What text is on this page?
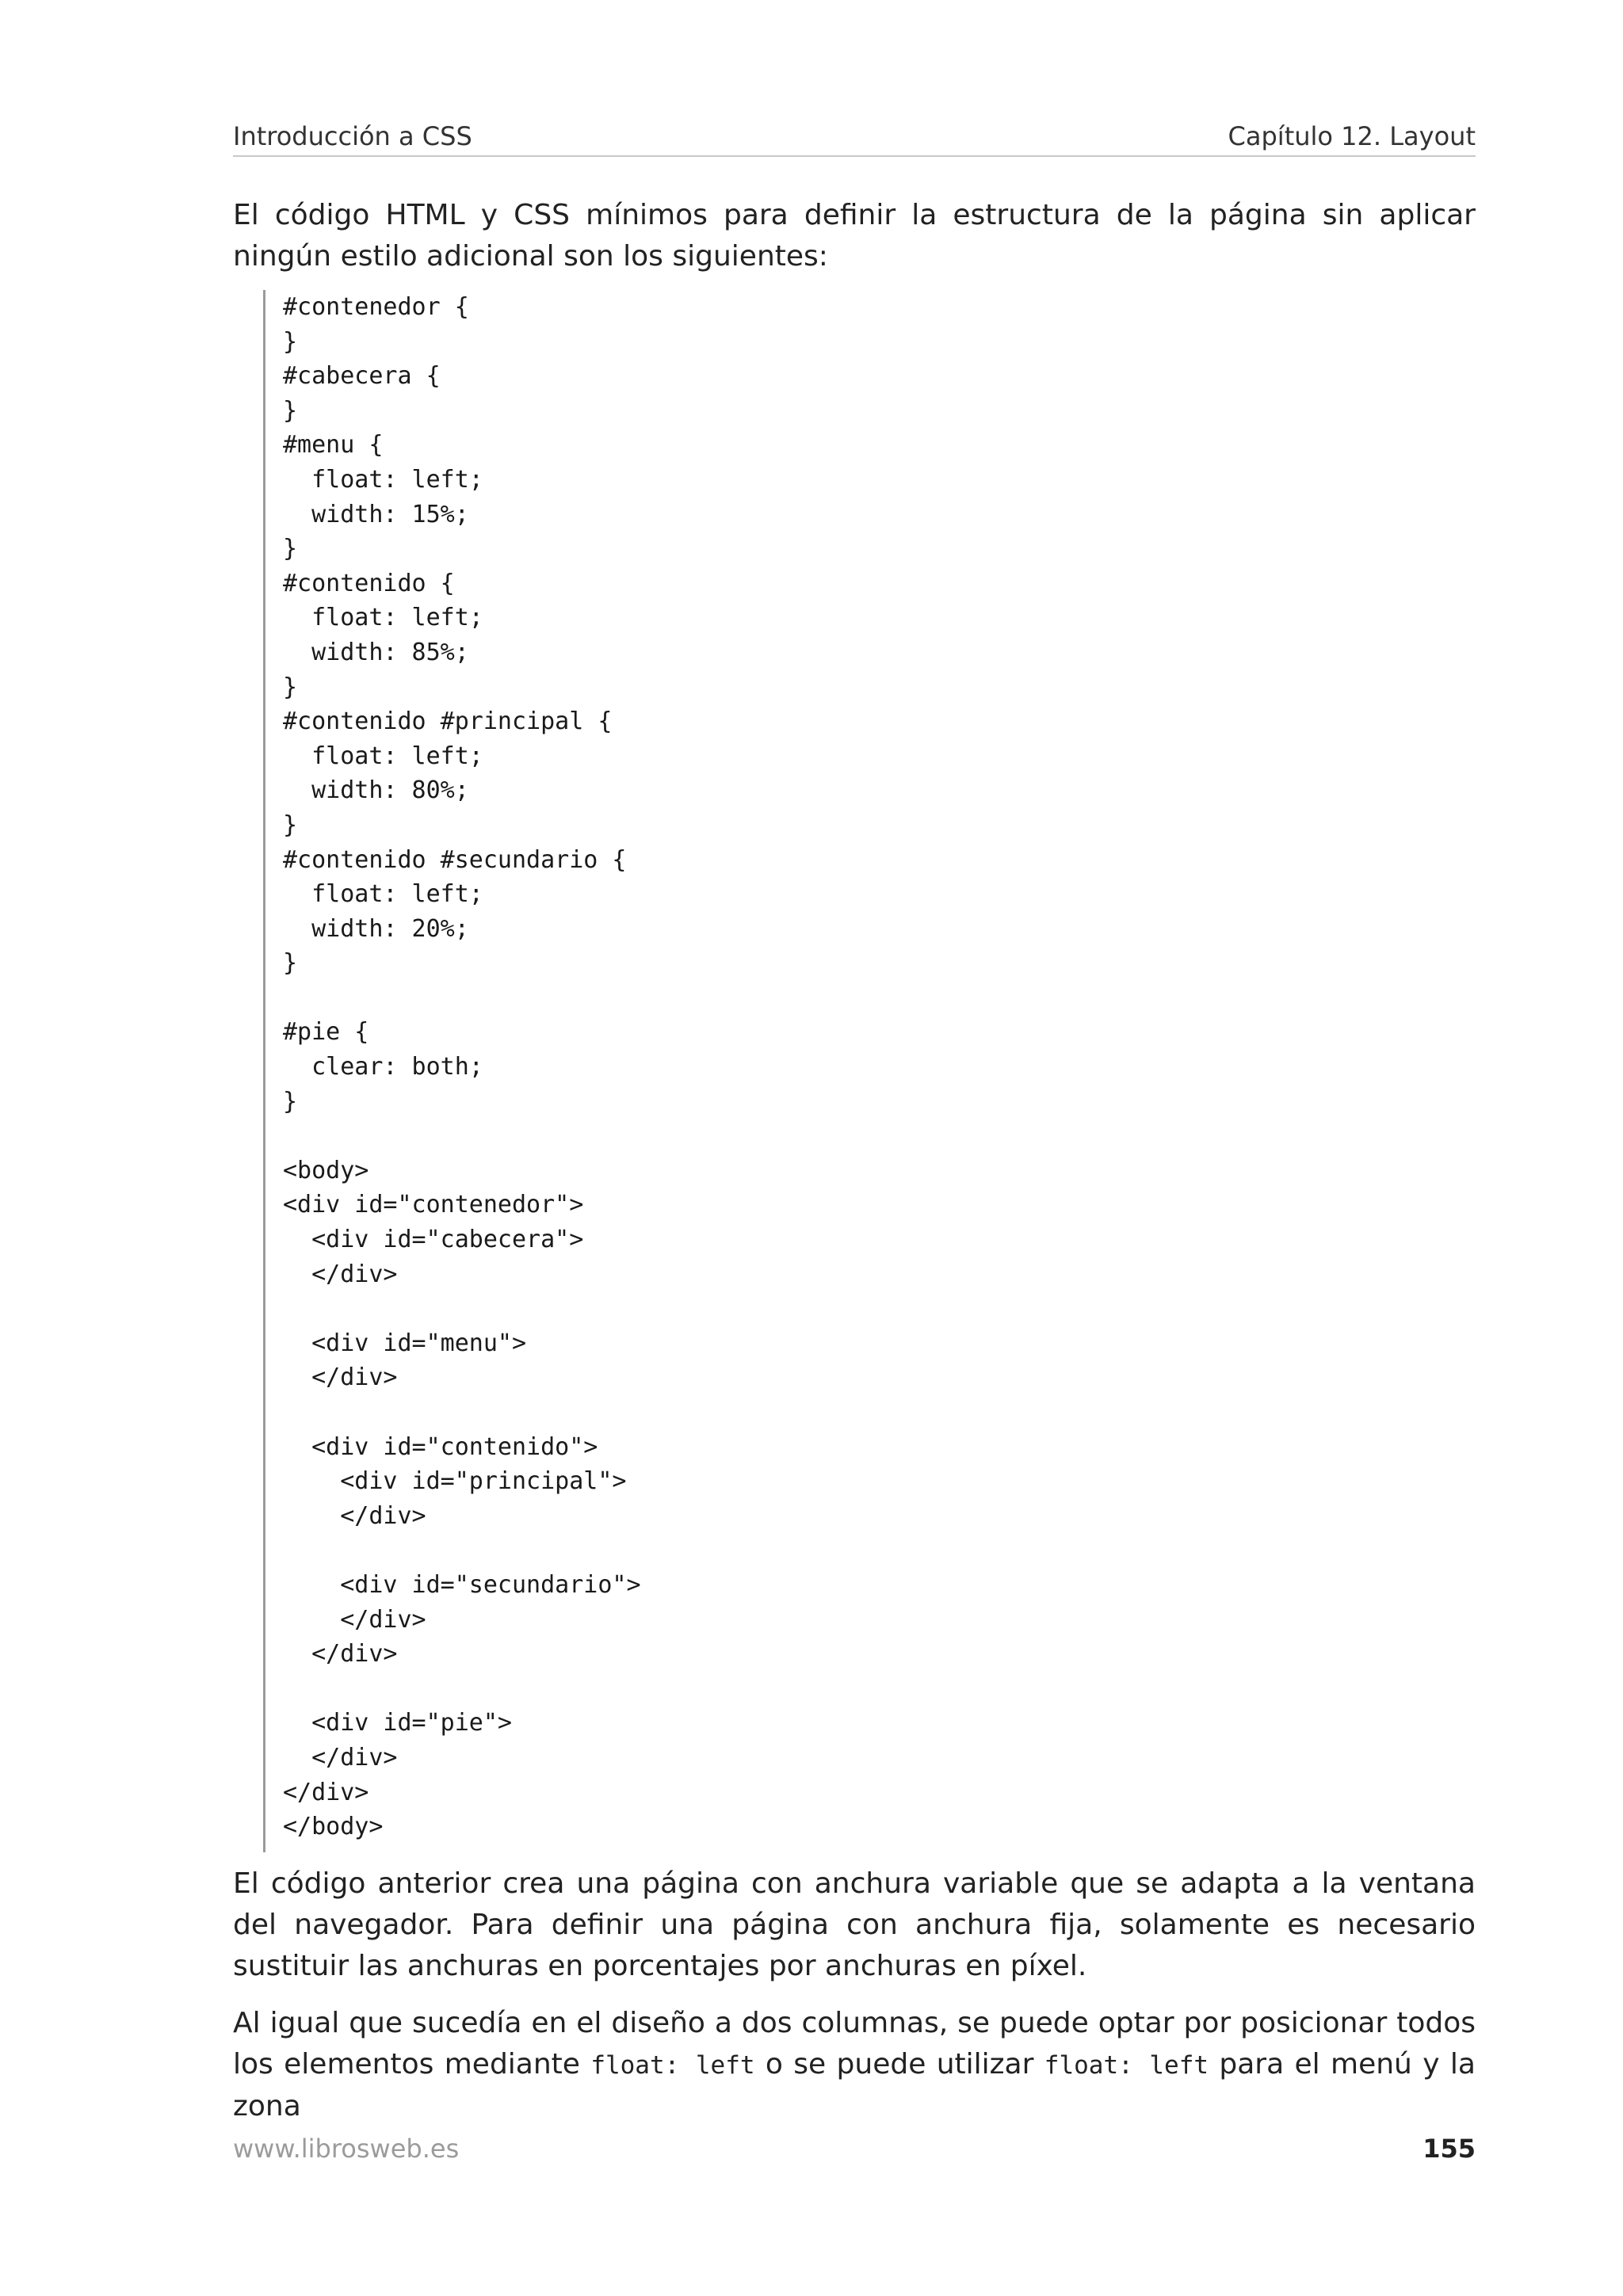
Introducción a CSS	Capítulo 12. Layout
El código HTML y CSS mínimos para definir la estructura de la página sin aplicar ningún estilo adicional son los siguientes:
#contenedor {
}
#cabecera {
}
#menu {
float: left;
width: 15%;
}
#contenido {
float: left;
width: 85%;
}
#contenido #principal {
float: left;
width: 80%;
}
#contenido #secundario {
float: left;
width: 20%;
}

#pie {
clear: both;
}

<body>
<div id="contenedor">
<div id="cabecera">
</div>

<div id="menu">
</div>

<div id="contenido">
<div id="principal">
</div>

<div id="secundario">
</div>
</div>

<div id="pie">
</div>
</div>
</body>
El código anterior crea una página con anchura variable que se adapta a la ventana del navegador. Para definir una página con anchura fija, solamente es necesario sustituir las anchuras en porcentajes por anchuras en píxel.
Al igual que sucedía en el diseño a dos columnas, se puede optar por posicionar todos los elementos mediante float: left o se puede utilizar float: left para el menú y la zona
www.librosweb.es	155
